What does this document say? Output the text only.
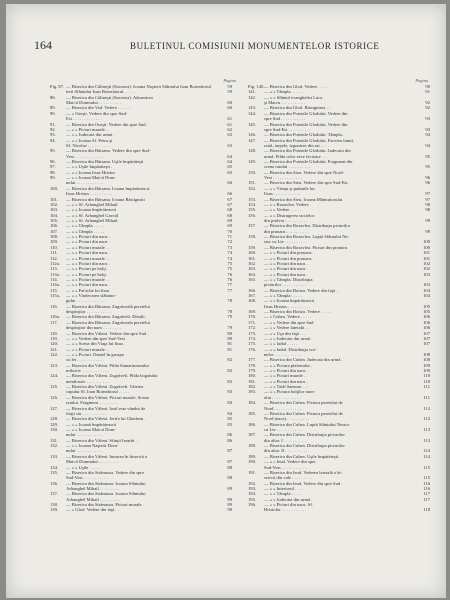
164	BULETINUL COMISIUNII MONUMENTELOR ISTORICE
Pagina
Fig. 87. — Biserica din Călineşti (Suceava). Icoana Naşterii Sfântului Ioan Botezătorul	59
terii Sfântului Ioan Botezătorul . . . . .	59
88.	— Biserica din Călineşti (Suceava). Adormirea
Maicii Domnului . . . . . . . . . .	60
89.	— Biserica din Vad. Vedere . . . . . .	60
90.	— » Oseşti. Vedere din spre Sud-
Est . . . . . . . . . . . . .	61
91.	— Biserica din Oseşti. Vedere din spre Sud .	61
92.	— » » Picturi murale . .	62
93.	— » » Judecata din urmă .	63
94.	— » » Icoana Sf. Petru şi
Sf. Nicolae . . . . . . . . . .	63
95.	— Biserica din Bârsana. Vedere din spre Sud-
Vest . . . . . . . . . . . . .	64
96.	— Biserica din Bârsana. Uşile împărăteşti .	64
97.	— » » Uşile împărăteşti .	65
98.	— » » Icoana Iisus Hristos	65
99.	— » » Icoana Maicii Dom-
nului . . . . . . . . . . . .	66
100.	— Biserica din Bârsana. Icoana împărătească
Iisus Hristos . . . . . . . . . .	66
101.	— Biserica din Bârsana. Icoana Răstignirii	67
102.	— » » Sf. Arhanghel Mihail	67
103.	— » » Icoana împărătească	68
104.	— » » Sf. Arhanghel Gavriil	68
105.	— » » Sf. Arhanghel Mihail	69
106.	— » » Tâmpla . . . . .	69
107.	— » » Tâmpla . . . . .	70
108.	— » » Picturi din naos .	71
109.	— » » Picturi din naos .	72
110.	— » » Picturi murale . .	73
111.	— » » Picturi din naos .	74
112.	— » » Picturi murale . .	74
112a.	— » » Picturi din naos .	75
113.	— » » Picturi pe bolţi .	75
113a.	— » » Picturi pe bolţi .	76
114.	— » » Picturi murale . .	76
114a.	— » » Picturi din naos .	77
115.	— » » Pat'ache loi lisus	77
115a.	— » » Vindecarea slăbăno-
gului . . . . . . . . . . . .	78
116.	— Biserica din Bârsana. Zugrăveală peretelui
despărţitor . . . . . . . . . . .	78
116a.	— Biserica din Bârsana. Zugrăveli. Detalii .	79
117.	— Biserica din Bârsana. Zugrăveala peretelui
despărţitor din naos . . . . . . . .	79
118.	— Biserica din Văleni. Vedere din spre Sud .	80
119.	— » » Vedere din spre Sud-Vest	80
120.	— » » Scena din Viaţa lui Iisus	81
121.	— » » Picturi murale . .	81
122.	— » » Picturi. Daniel în groapa
cu lei . . . . . . . . . . . .	82
123.	— Biserica din Văleni. Pilda Samarineanului
milostiv . . . . . . . . . . . .	82
124.	— Biserica din Văleni. Zugrăveli. Pilda bogatului
nemilostiv . . . . . . . . . . .	83
125.	— Biserica din Văleni. Zugrăveli. Tăierea
capului Sf. Ioan Botezătorul . . . . .	83
126.	— Biserica din Văleni. Picturi murale. Scena
raiului. Fragment . . . . . . . . .	84
127.	— Biserica din Văleni. Iosif este vândut de
fraţii săi . . . . . . . . . . .	84
128.	— Biserica din Văleni. Jertfa lui Ghedeon .	85
129.	— » » Icoană împărătească	85
130.	— » » Icoana Maicii Dom-
nului . . . . . . . . . . . .	86
131.	— Biserica din Văleni. Sfinţii Ierarhi . .	86
132.	— » » Icoana Naşterii Dom-
nului . . . . . . . . . . . .	87
133.	— Biserica din Văleni. Intrarea în biserică a
Maicii Domnului . . . . . . . . .	87
134.	— » » Uşile . . . . .	88
135.	— Biserica din Strâmtura. Vedere din spre
Sud-Vest . . . . . . . . . . .	88
136.	— Biserica din Strâmtura. Icoana Sfântului
Arhanghel Mihail . . . . . . . . .	89
137.	— Biserica din Strâmtura. Icoana Sfântului
Arhanghel Mihail . . . . . . . . .	89
138.	— Biserica din Strâmtura. Picturi murale .	89
139.	— » Glod. Vedere din faţă . .	90
Pagina
Fig. 140. — Biserica din Glod. Vedere . . . . .	90
141.	— » » Tâmpla . . . . .	91
142.	— » » Sfântul evanghelist Luca
şi Marcu . . . . . . . . . . .	92
143.	— Biserica din Glod. Răstignirea . . .	92
144.	— Biserica din Poienile Glodului. Vedere din
spre Sud . . . . . . . . . . .	93
145.	— Biserica din Poienile Glodului. Vedere din
spre Sud-Est . . . . . . . . . .	93
146.	— Biserica din Poienile Glodului. Tâmpla .	94
147.	— Biserica din Poienile Glodului. Facerea lumii,
raiul, iarpele, izgonirea din rai . . . .	94
148.	— Biserica din Poienile Glodului. Judecata din
urmă. Pilda celor zece fecioare . . . .	95
149.	— Biserica din Poienile Glodului. Fragment din
scena raiului . . . . . . . . . .	95
150.	— Biserica din Sieu. Vedere din spre Nord-
Vest . . . . . . . . . . . . .	96
151.	— Biserica din Sieu. Vedere din spre Sud-Est	96
152.	— » » Vieaţa şi patimile lui
Iisus . . . . . . . . . . . .	97
153.	— Biserica din Sieu. Icoana Mântuitorului	97
154.	— » » Rozavlea. Vedere .	98
155.	— » » Vedere . . . . .	98
156.	— » » Distrugerea sicrielor
din pridvor . . . . . . . . . .	99
157.	— Biserica din Rozavlea. Distribuţia picturilor
din pronaos . . . . . . . . . .	99
158.	— Biserica din Rozavlea. Luptă Sfântului Ne-
stor cu Lie . . . . . . . . . .	100
159.	— Biserica din Rozavlea. Picturi din pronaos	100
160.	— » » Picturi din pronaos	101
161.	— » » Picturi din pronaos	101
162.	— » » Picturi din naos .	102
163.	— » » Picturi din naos .	102
164.	— » » Picturi din naos .	103
165.	— » » Tâmpla. Distribuţia
picturilor . . . . . . . . . . .	103
166.	— Biserica din Botiza. Vedere din faţă . .	104
167.	— » » Tâmpla . . . . .	104
168.	— » » Icoana împărătească
Iisus Hristos . . . . . . . . . .	105
169.	— Biserica din Botiza. Vedere . . . . .	105
170.	— » Cuhea. Vedere . . . . .	106
171.	— » » Vedere din spre Sud	106
172.	— » » Vedere laterală . .	106
173.	— » » Uşa din faţă . . .	107
174.	— » » Judecata din urmă .	107
175.	— » » Iadul . . . . .	107
176.	— » » Iadul. Distribuţia sce-
nelor . . . . . . . . . . . .	108
177.	— Biserica din Cuhea. Judecata din urmă .	108
178.	— » » Pictura plafonului .	109
179.	— » » Picturi din naos .	109
180.	— » » Picturi murale . .	110
181.	— » » Picturi din naos .	110
182.	— » » Tatăl Samson . . .	111
183.	— » » Pictura bolţilor naos-
ului . . . . . . . . . . . . .	111
184.	— Biserica din Cuhea. Pictura peretelui de
Nord . . . . . . . . . . . . .	112
185.	— Biserica din Cuhea. Pictura peretelui de
Nord (naos) . . . . . . . . . .	112
186.	— Biserica din Cuhea. Luptă Sfântului Nestor
cu Lie . . . . . . . . . . . .	113
187.	— Biserica din Cuhea. Distribuţia picturilor
din altar. I . . . . . . . . . .	113
188.	— Biserica din Cuhea. Distribuţia picturilor
din altar. II . . . . . . . . . .	114
189.	— Biserica din Cuhea. Uşile împărăteşti .	114
190.	— » » Ieud. Vedere din spre
Sud-Vest . . . . . . . . . . .	115
191.	— Biserica din Ieud. Vederea laterală a bi-
sericii din vale . . . . . . . . .	115
192.	— Biserica din Ieud. Vedere din spre Sud .	116
193.	— » » Interiorul . . . .	116
194.	— » » Tâmpla . . . . .	117
195.	— » » Judecata din urmă .	117
196.	— » » Picturi din naos. Sf.
Hristofor . . . . . . . . . . .	118
